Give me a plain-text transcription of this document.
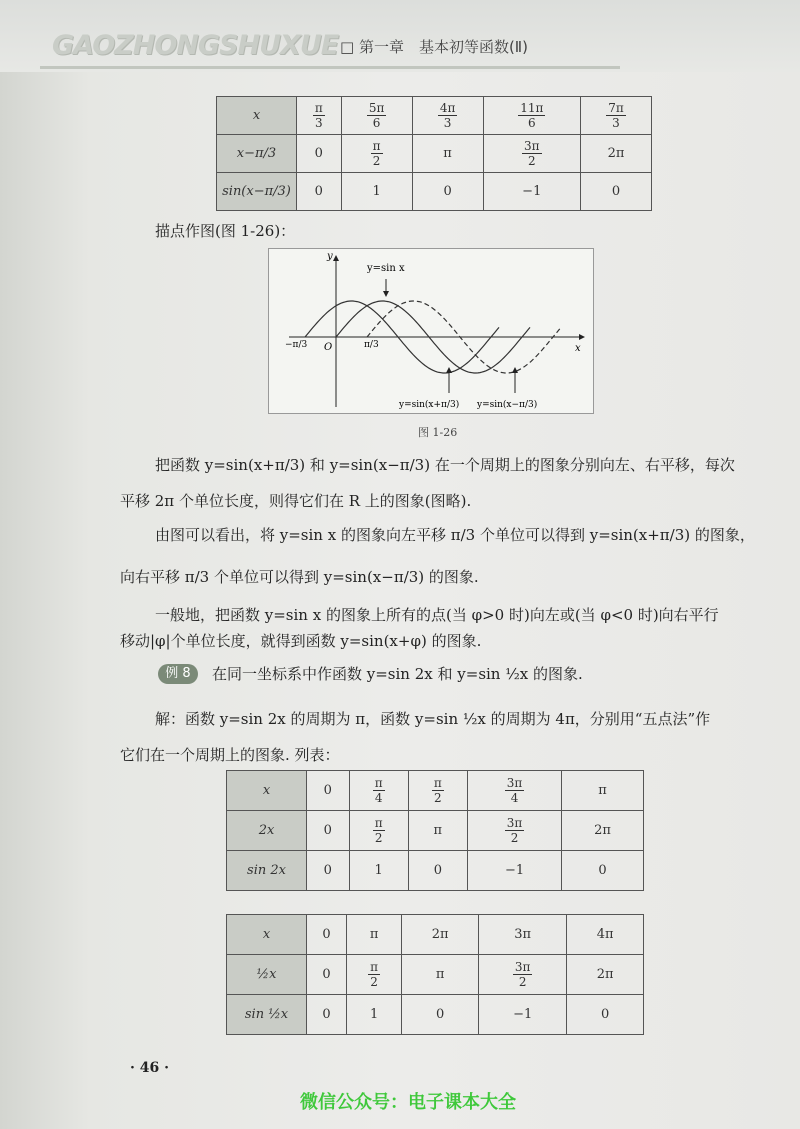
GAOZHONGSHUXUE □ 第一章　基本初等函数(Ⅱ)
x	$\frac{\pi}{3}$	$\frac{5\pi}{6}$	$\frac{4\pi}{3}$	$\frac{11\pi}{6}$	$\frac{7\pi}{3}$

x−π/3	0	$\frac{\pi}{2}$	π	$\frac{3\pi}{2}$	2π
sin(x−π/3)	0	1	0	−1	0
描点作图(图 1-26)：
y=sin x
y
x
O
−π/3	π/3
y=sin(x+π/3) y=sin(x−π/3)
图 1-26
把函数 y=sin(x+π/3) 和 y=sin(x−π/3) 在一个周期上的图象分别向左、右平移，每次
平移 2π 个单位长度，则得它们在 R 上的图象(图略).
由图可以看出，将 y=sin x 的图象向左平移 π/3 个单位可以得到 y=sin(x+π/3) 的图象，
向右平移 π/3 个单位可以得到 y=sin(x−π/3) 的图象.
一般地，把函数 y=sin x 的图象上所有的点(当 φ>0 时)向左或(当 φ<0 时)向右平行
移动|φ|个单位长度，就得到函数 y=sin(x+φ) 的图象.
例 8	在同一坐标系中作函数 y=sin 2x 和 y=sin ½x 的图象.
解：函数 y=sin 2x 的周期为 π，函数 y=sin ½x 的周期为 4π，分别用“五点法”作
它们在一个周期上的图象. 列表：
x	0	$\frac{\pi}{4}$	$\frac{\pi}{2}$	$\frac{3\pi}{4}$	π
2x	0	$\frac{\pi}{2}$	π	$\frac{3\pi}{2}$	2π
sin 2x	0	1	0	−1	0
x	0	π	2π	3π	4π
½x	0	$\frac{\pi}{2}$	π	$\frac{3\pi}{2}$	2π
sin ½x	0	1	0	−1	0
· 46 ·
微信公众号：电子课本大全
